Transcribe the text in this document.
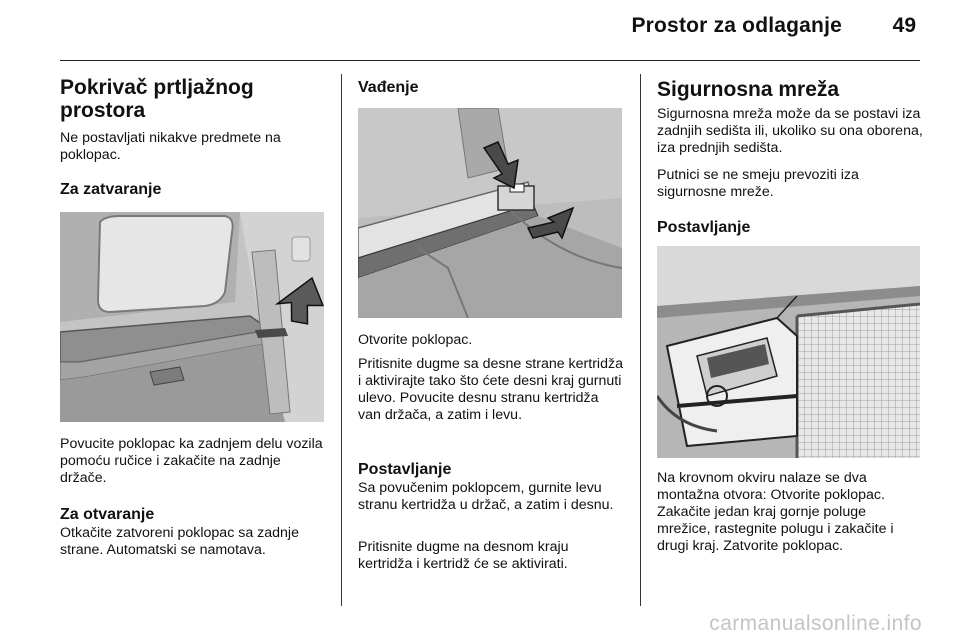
Prostor za odlaganje 49
Pokrivač prtljažnog prostora

Ne postavljati nikakve predmete na poklopac.

Za zatvaranje

Povucite poklopac ka zadnjem delu vozila pomoću ručice i zakačite na zadnje držače.

Za otvaranje

Otkačite zatvoreni poklopac sa zadnje strane. Automatski se namotava.

Vađenje

Otvorite poklopac.

Pritisnite dugme sa desne strane kertridža i aktivirajte tako što ćete desni kraj gurnuti ulevo. Povucite desnu stranu kertridža van držača, a zatim i levu.

Postavljanje

Sa povučenim poklopcem, gurnite levu stranu kertridža u držač, a zatim i desnu.

Pritisnite dugme na desnom kraju kertridža i kertridž će se aktivirati.

Sigurnosna mreža

Sigurnosna mreža može da se postavi iza zadnjih sedišta ili, ukoliko su ona oborena, iza prednjih sedišta.

Putnici se ne smeju prevoziti iza sigurnosne mreže.

Postavljanje

Na krovnom okviru nalaze se dva montažna otvora: Otvorite poklopac. Zakačite jedan kraj gornje poluge mrežice, rastegnite polugu i zakačite i drugi kraj. Zatvorite poklopac.

carmanualsonline.info
